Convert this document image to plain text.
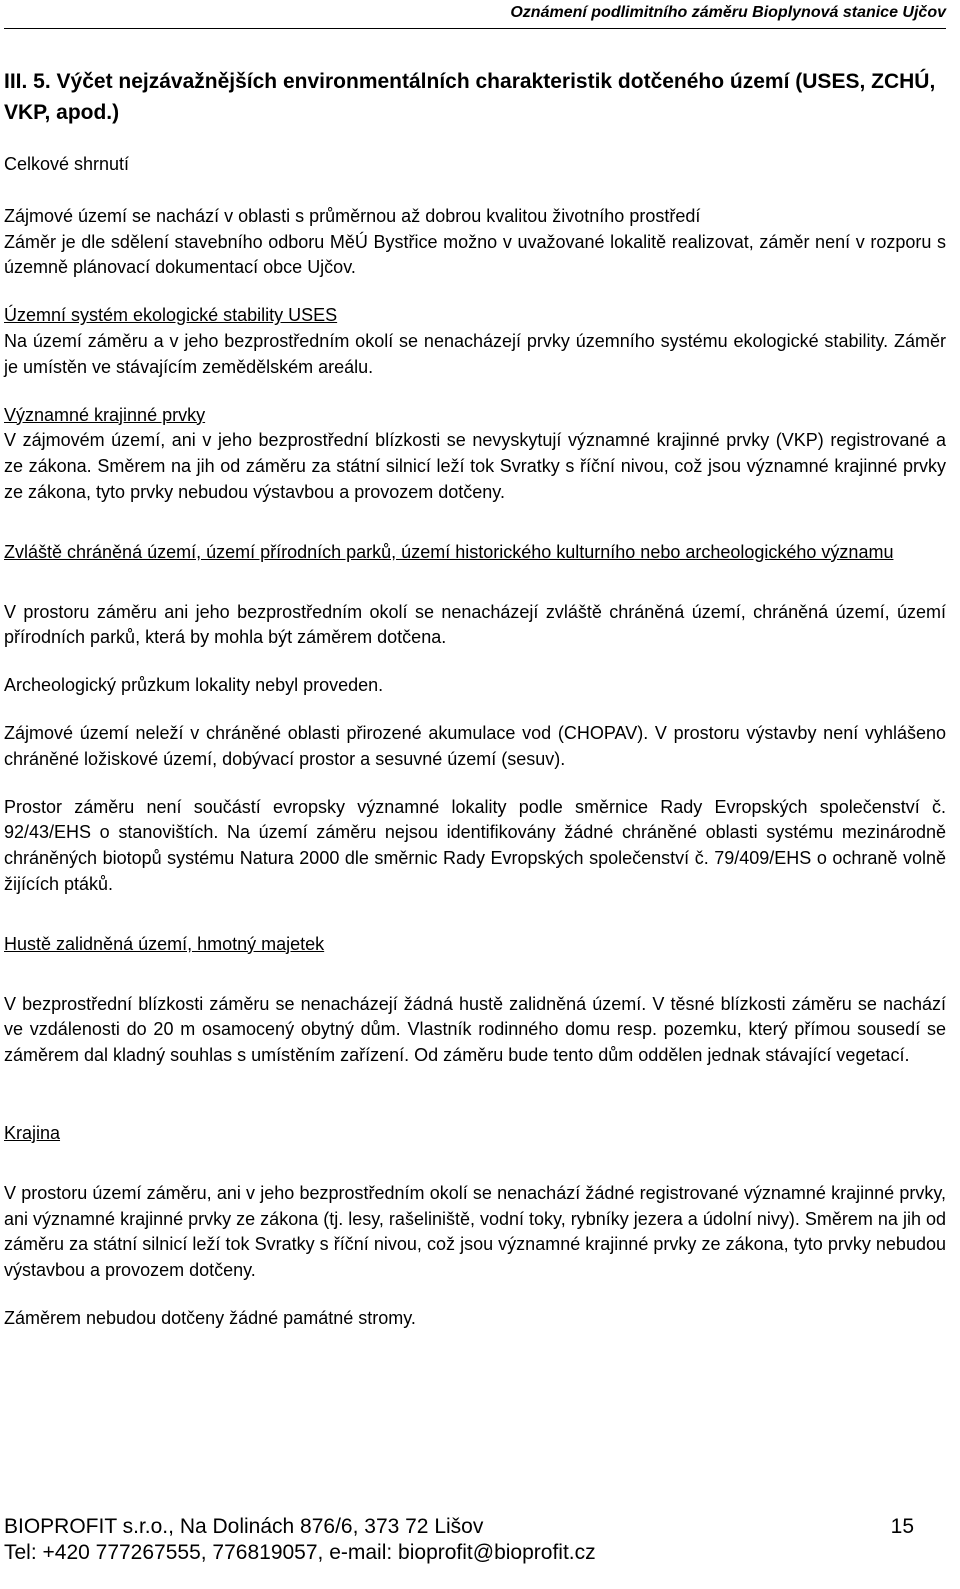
Oznámení podlimitního záměru Bioplynová stanice Ujčov
III. 5. Výčet nejzávažnějších environmentálních charakteristik dotčeného území (USES, ZCHÚ, VKP, apod.)

Celkové shrnutí

Zájmové území se nachází v oblasti s průměrnou až dobrou kvalitou životního prostředí

Záměr je dle sdělení stavebního odboru MěÚ Bystřice možno v uvažované lokalitě realizovat, záměr není v rozporu s územně plánovací dokumentací obce Ujčov.

Územní systém ekologické stability USES

Na území záměru a v jeho bezprostředním okolí se nenacházejí prvky územního systému ekologické stability. Záměr je umístěn ve stávajícím zemědělském areálu.

Významné krajinné prvky

V zájmovém území, ani v jeho bezprostřední blízkosti se nevyskytují významné krajinné prvky (VKP) registrované a ze zákona. Směrem na jih od záměru za státní silnicí leží tok Svratky s říční nivou, což jsou významné krajinné prvky ze zákona, tyto prvky nebudou výstavbou a provozem dotčeny.

Zvláště chráněná území, území přírodních parků, území historického kulturního nebo archeologického významu

V prostoru záměru ani jeho bezprostředním okolí se nenacházejí zvláště chráněná území, chráněná území, území přírodních parků, která by mohla být záměrem dotčena.

Archeologický průzkum lokality nebyl proveden.

Zájmové území neleží v chráněné oblasti přirozené akumulace vod (CHOPAV). V prostoru výstavby není vyhlášeno chráněné ložiskové území, dobývací prostor a sesuvné území (sesuv).

Prostor záměru není součástí evropsky významné lokality podle směrnice Rady Evropských společenství č. 92/43/EHS o stanovištích. Na území záměru nejsou identifikovány žádné chráněné oblasti systému mezinárodně chráněných biotopů systému Natura 2000 dle směrnic Rady Evropských společenství č. 79/409/EHS o ochraně volně žijících ptáků.

Hustě zalidněná území, hmotný majetek

V bezprostřední blízkosti záměru se nenacházejí žádná hustě zalidněná území. V těsné blízkosti záměru se nachází ve vzdálenosti do 20 m osamocený obytný dům. Vlastník rodinného domu resp. pozemku, který přímou sousedí se záměrem dal kladný souhlas s umístěním zařízení. Od záměru bude tento dům oddělen jednak stávající vegetací.

Krajina

V prostoru území záměru, ani v jeho bezprostředním okolí se nenachází žádné registrované významné krajinné prvky, ani významné krajinné prvky ze zákona (tj. lesy, rašeliniště, vodní toky, rybníky jezera a údolní nivy). Směrem na jih od záměru za státní silnicí leží tok Svratky s říční nivou, což jsou významné krajinné prvky ze zákona, tyto prvky nebudou výstavbou a provozem dotčeny.

Záměrem nebudou dotčeny žádné památné stromy.

BIOPROFIT s.r.o., Na Dolinách 876/6, 373 72 Lišov	15
Tel: +420 777267555, 776819057, e-mail: bioprofit@bioprofit.cz
